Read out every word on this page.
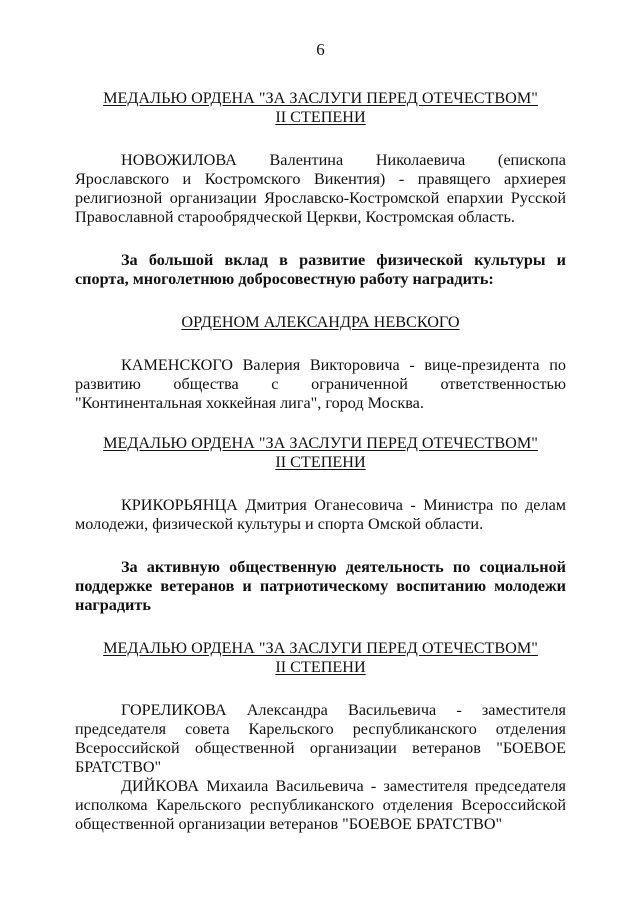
6
МЕДАЛЬЮ ОРДЕНА "ЗА ЗАСЛУГИ ПЕРЕД ОТЕЧЕСТВОМ"
II СТЕПЕНИ

НОВОЖИЛОВА Валентина Николаевича (епископа Ярославского и Костромского Викентия) - правящего архиерея религиозной организации Ярославско-Костромской епархии Русской Православной старообрядческой Церкви, Костромская область.

За большой вклад в развитие физической культуры и спорта, многолетнюю добросовестную работу наградить:

ОРДЕНОМ АЛЕКСАНДРА НЕВСКОГО

КАМЕНСКОГО Валерия Викторовича - вице-президента по развитию общества с ограниченной ответственностью "Континентальная хоккейная лига", город Москва.

МЕДАЛЬЮ ОРДЕНА "ЗА ЗАСЛУГИ ПЕРЕД ОТЕЧЕСТВОМ"
II СТЕПЕНИ

КРИКОРЬЯНЦА Дмитрия Оганесовича - Министра по делам молодежи, физической культуры и спорта Омской области.

За активную общественную деятельность по социальной поддержке ветеранов и патриотическому воспитанию молодежи наградить

МЕДАЛЬЮ ОРДЕНА "ЗА ЗАСЛУГИ ПЕРЕД ОТЕЧЕСТВОМ"
II СТЕПЕНИ

ГОРЕЛИКОВА Александра Васильевича - заместителя председателя совета Карельского республиканского отделения Всероссийской общественной организации ветеранов "БОЕВОЕ БРАТСТВО"

ДИЙКОВА Михаила Васильевича - заместителя председателя исполкома Карельского республиканского отделения Всероссийской общественной организации ветеранов "БОЕВОЕ БРАТСТВО"
